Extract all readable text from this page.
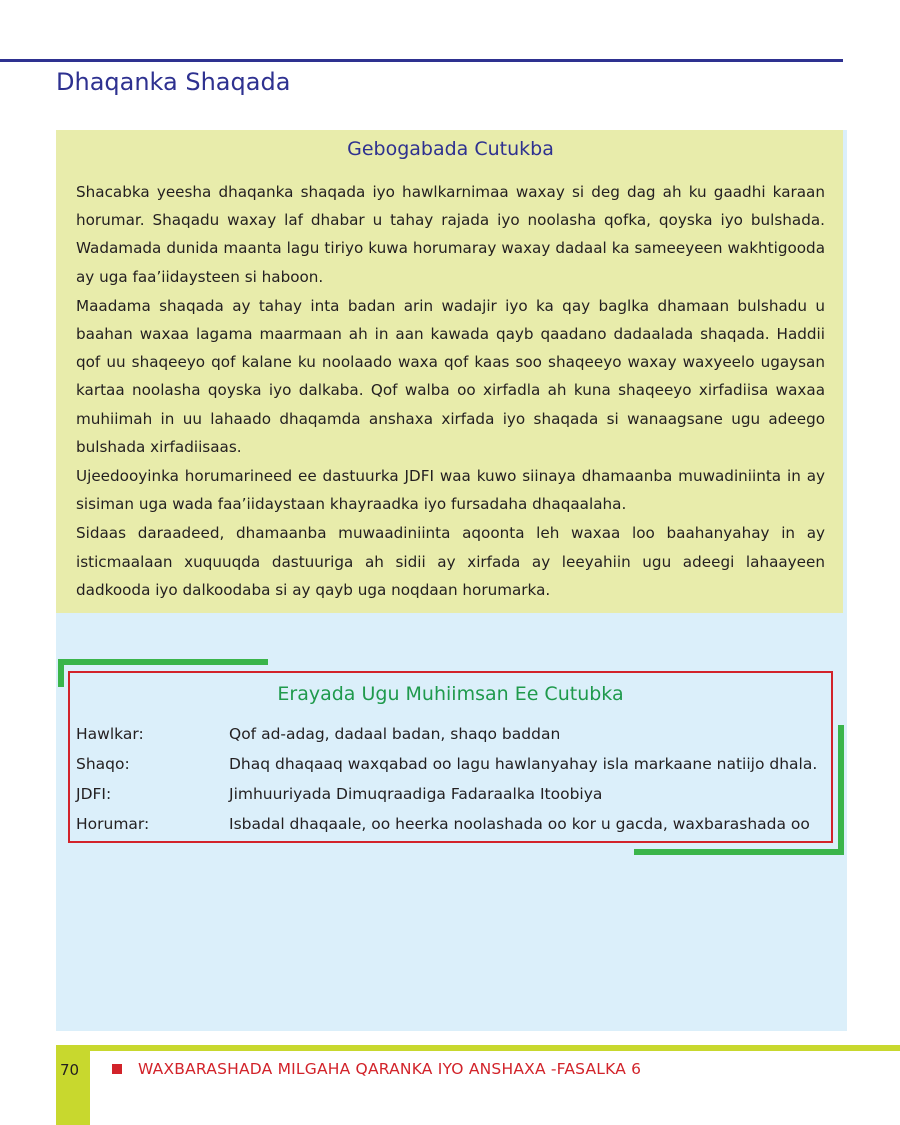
Dhaqanka Shaqada
Gebogabada Cutukba

Shacabka yeesha dhaqanka shaqada iyo hawlkarnimaa waxay si deg dag ah ku gaadhi karaan horumar. Shaqadu waxay laf dhabar u tahay rajada iyo noolasha qofka, qoyska iyo bulshada. Wadamada dunida maanta lagu tiriyo kuwa horumaray waxay dadaal ka sameeyeen wakhtigooda ay uga faa’iidaysteen si haboon.

Maadama shaqada ay tahay inta badan arin wadajir iyo ka qay baglka dhamaan bulshadu u baahan waxaa lagama maarmaan ah in aan kawada qayb qaadano dadaalada shaqada. Haddii qof uu shaqeeyo qof kalane ku noolaado waxa qof kaas soo shaqeeyo waxay waxyeelo ugaysan kartaa noolasha qoyska iyo dalkaba. Qof walba oo xirfadla ah kuna shaqeeyo xirfadiisa waxaa muhiimah in uu lahaado dhaqamda anshaxa xirfada iyo shaqada si wanaagsane ugu adeego bulshada xirfadiisaas.

Ujeedooyinka horumarineed ee dastuurka JDFI waa kuwo siinaya dhamaanba muwadiniinta in ay sisiman uga wada faa’iidaystaan khayraadka iyo fursadaha dhaqaalaha.

Sidaas daraadeed, dhamaanba muwaadiniinta aqoonta leh waxaa loo baahanyahay in ay isticmaalaan xuquuqda dastuuriga ah sidii ay xirfada ay leeyahiin ugu adeegi lahaayeen dadkooda iyo dalkoodaba si ay qayb uga noqdaan horumarka.

Erayada Ugu Muhiimsan Ee Cutubka
Hawlkar:	Qof ad-adag, dadaal badan, shaqo baddan
Shaqo:	Dhaq dhaqaaq waxqabad oo lagu hawlanyahay isla markaane natiijo dhala.
JDFI:	Jimhuuriyada Dimuqraadiga Fadaraalka Itoobiya
Horumar:	Isbadal dhaqaale, oo heerka noolashada oo kor u gacda, waxbarashada oo
70	WAXBARASHADA MILGAHA QARANKA IYO ANSHAXA -FASALKA 6
